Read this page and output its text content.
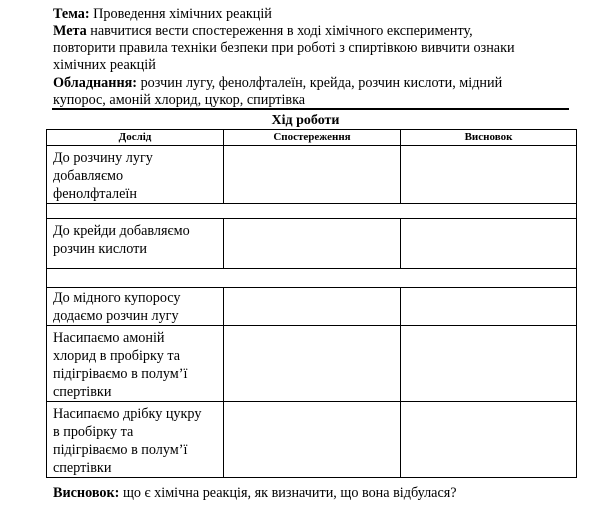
Тема: Проведення хімічних реакцій
Мета навчитися вести спостереження в ході хімічного експерименту,
повторити правила техніки безпеки при роботі з спиртівкою вивчити ознаки
хімічних реакцій
Обладнання: розчин лугу, фенолфталеїн, крейда, розчин кислоти, мідний
купорос, амоній хлорид, цукор, спиртівка
Хід роботи
Дослід	Спостереження	Висновок

До розчину лугу
добавляємо
фенолфталеїн		

До крейди добавляємо
розчин кислоти		

До мідного купоросу
додаємо розчин лугу		

Насипаємо амоній
хлорид в пробірку та
підігріваємо в полум’ї
спертівки		

Насипаємо дрібку цукру
в пробірку та
підігріваємо в полум’ї
спертівки		

Висновок: що є хімічна реакція, як визначити, що вона відбулася?
